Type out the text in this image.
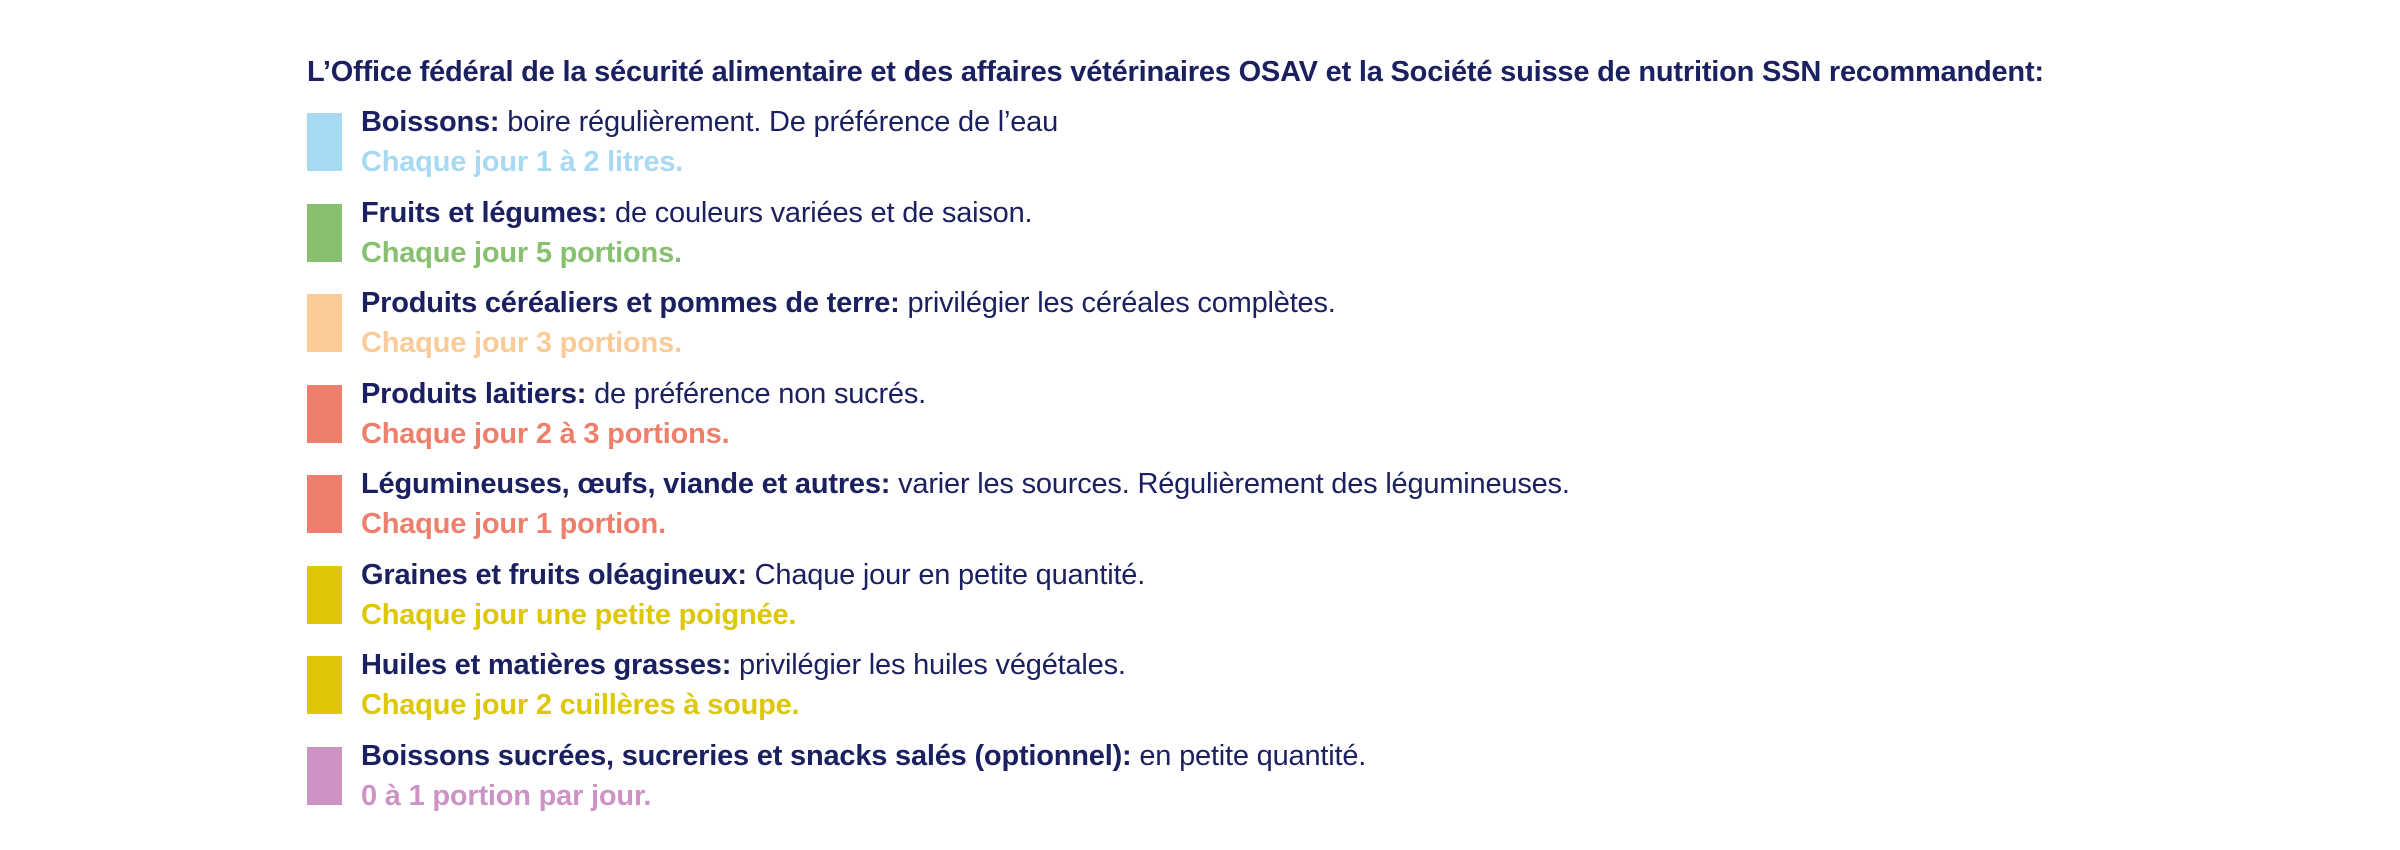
L’Office fédéral de la sécurité alimentaire et des affaires vétérinaires OSAV et la Société suisse de nutrition SSN recommandent:
Boissons: boire régulièrement. De préférence de l’eau
Chaque jour 1 à 2 litres.
Fruits et légumes: de couleurs variées et de saison.
Chaque jour 5 portions.
Produits céréaliers et pommes de terre: privilégier les céréales complètes.
Chaque jour 3 portions.
Produits laitiers: de préférence non sucrés.
Chaque jour 2 à 3 portions.
Légumineuses, œufs, viande et autres: varier les sources. Régulièrement des légumineuses.
Chaque jour 1 portion.
Graines et fruits oléagineux: Chaque jour en petite quantité.
Chaque jour une petite poignée.
Huiles et matières grasses: privilégier les huiles végétales.
Chaque jour 2 cuillères à soupe.
Boissons sucrées, sucreries et snacks salés (optionnel): en petite quantité.
0 à 1 portion par jour.
